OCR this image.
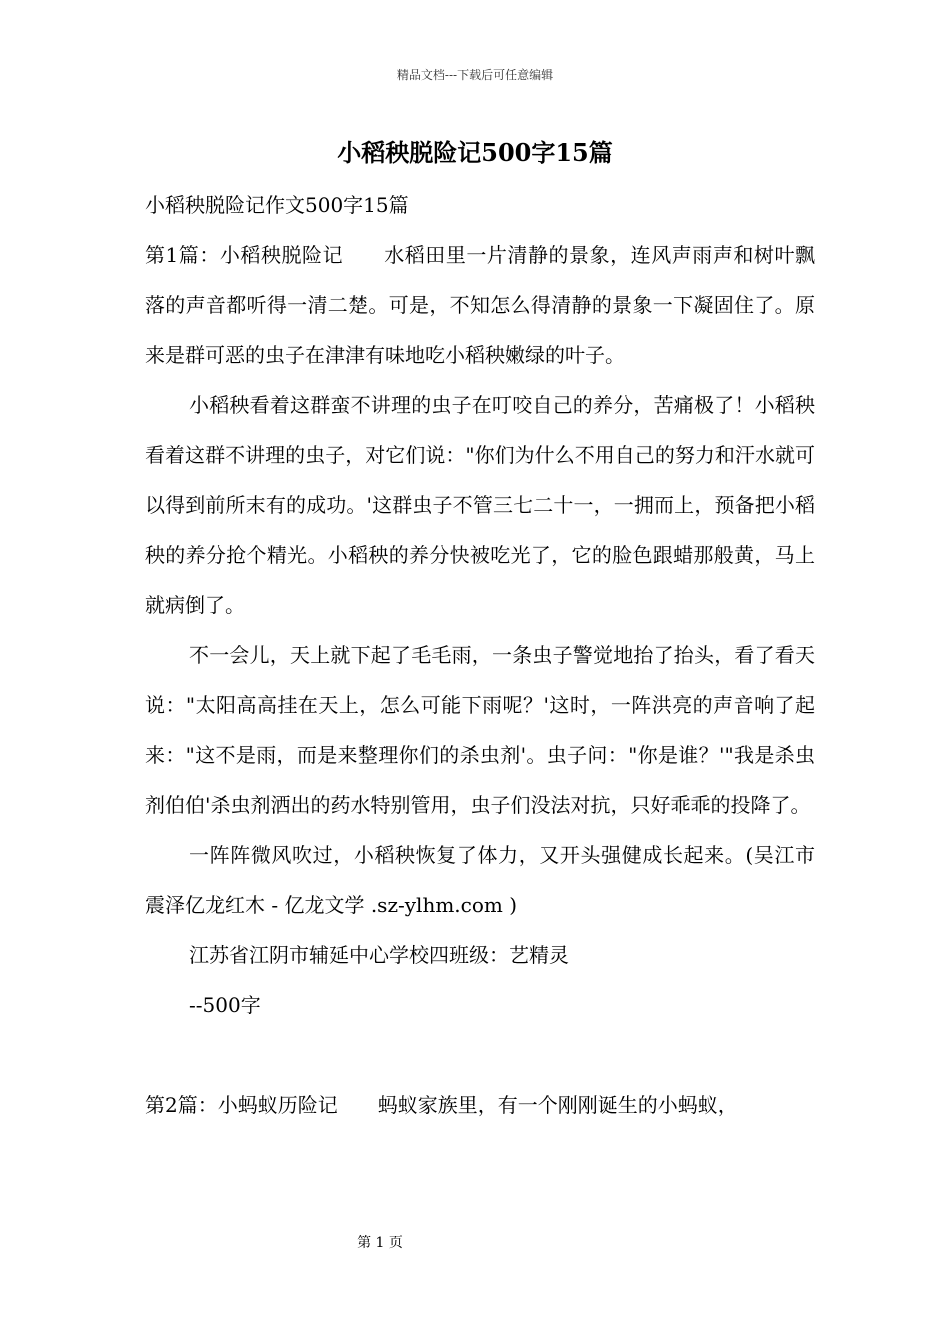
精品文档---下载后可任意编辑
小稻秧脱险记500字15篇

小稻秧脱险记作文500字15篇

第1篇：小稻秧脱险记　　水稻田里一片清静的景象，连风声雨声和树叶飘落的声音都听得一清二楚。可是，不知怎么得清静的景象一下凝固住了。原来是群可恶的虫子在津津有味地吃小稻秧嫩绿的叶子。

小稻秧看着这群蛮不讲理的虫子在叮咬自己的养分，苦痛极了！小稻秧看着这群不讲理的虫子，对它们说："你们为什么不用自己的努力和汗水就可以得到前所末有的成功。'这群虫子不管三七二十一，一拥而上，预备把小稻秧的养分抢个精光。小稻秧的养分快被吃光了，它的脸色跟蜡那般黄，马上就病倒了。

不一会儿，天上就下起了毛毛雨，一条虫子警觉地抬了抬头，看了看天说："太阳高高挂在天上，怎么可能下雨呢？'这时，一阵洪亮的声音响了起来："这不是雨，而是来整理你们的杀虫剂'。虫子问："你是谁？'"我是杀虫剂伯伯'杀虫剂洒出的药水特别管用，虫子们没法对抗，只好乖乖的投降了。

一阵阵微风吹过，小稻秧恢复了体力，又开头强健成长起来。(吴江市震泽亿龙红木 - 亿龙文学 .sz-ylhm.com )

江苏省江阴市辅延中心学校四班级：艺精灵

--500字

第2篇：小蚂蚁历险记　　蚂蚁家族里，有一个刚刚诞生的小蚂蚁，

第 1 页
